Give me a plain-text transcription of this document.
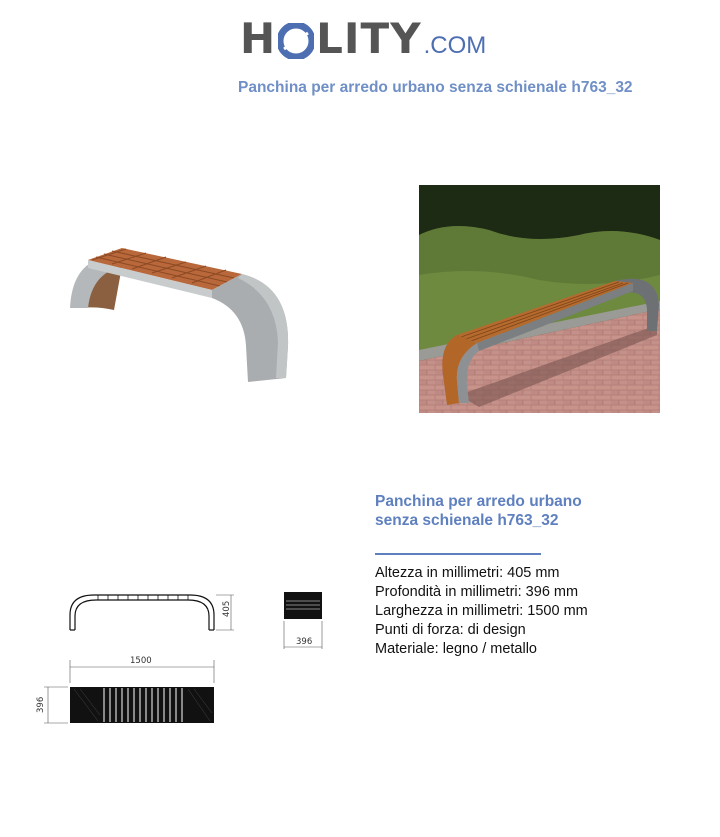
H LITY .COM
Panchina per arredo urbano senza schienale h763_32
Panchina per arredo urbano senza schienale h763_32
Altezza in millimetri: 405 mm
Profondità in millimetri: 396 mm
Larghezza in millimetri: 1500 mm
Punti di forza: di design
Materiale: legno / metallo
405
396
1500
396
